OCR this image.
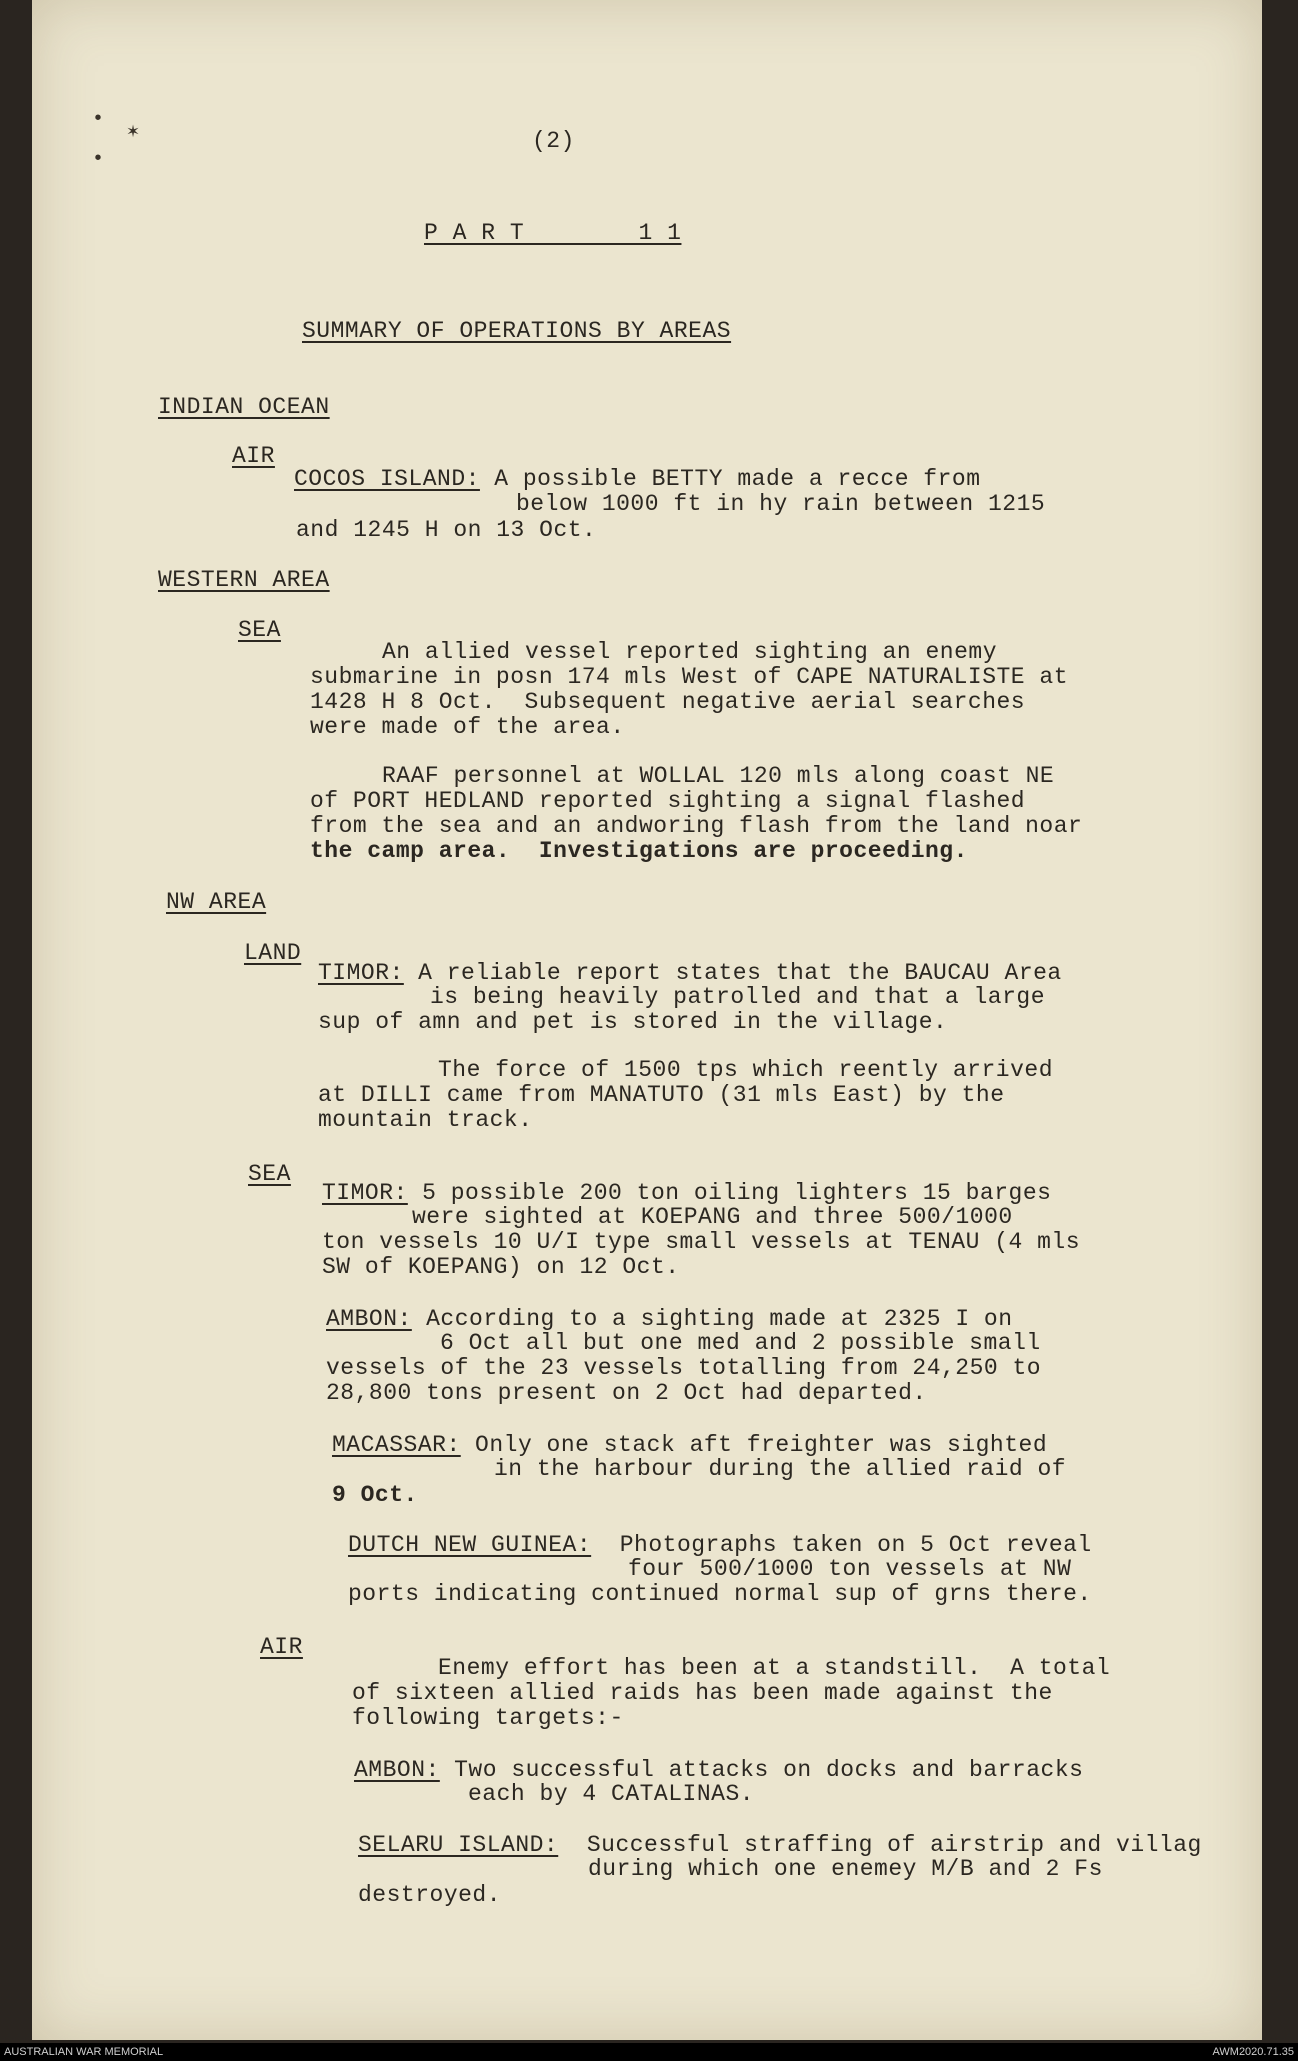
•
✶
•
(2)
P A R T        1 1
SUMMARY OF OPERATIONS BY AREAS
INDIAN OCEAN
AIR
COCOS ISLAND: A possible BETTY made a recce from
below 1000 ft in hy rain between 1215
and 1245 H on 13 Oct.
WESTERN AREA
SEA
An allied vessel reported sighting an enemy
submarine in posn 174 mls West of CAPE NATURALISTE at
1428 H 8 Oct.  Subsequent negative aerial searches
were made of the area.
RAAF personnel at WOLLAL 120 mls along coast NE
of PORT HEDLAND reported sighting a signal flashed
from the sea and an andworing flash from the land noar
the camp area.  Investigations are proceeding.
NW AREA
LAND
TIMOR: A reliable report states that the BAUCAU Area
is being heavily patrolled and that a large
sup of amn and pet is stored in the village.
The force of 1500 tps which reently arrived
at DILLI came from MANATUTO (31 mls East) by the
mountain track.
SEA
TIMOR: 5 possible 200 ton oiling lighters 15 barges
were sighted at KOEPANG and three 500/1000
ton vessels 10 U/I type small vessels at TENAU (4 mls
SW of KOEPANG) on 12 Oct.
AMBON: According to a sighting made at 2325 I on
6 Oct all but one med and 2 possible small
vessels of the 23 vessels totalling from 24,250 to
28,800 tons present on 2 Oct had departed.
MACASSAR: Only one stack aft freighter was sighted
in the harbour during the allied raid of
9 Oct.
DUTCH NEW GUINEA:  Photographs taken on 5 Oct reveal
four 500/1000 ton vessels at NW
ports indicating continued normal sup of grns there.
AIR
Enemy effort has been at a standstill.  A total
of sixteen allied raids has been made against the
following targets:-
AMBON: Two successful attacks on docks and barracks
each by 4 CATALINAS.
SELARU ISLAND:  Successful straffing of airstrip and villag
during which one enemey M/B and 2 Fs
destroyed.
AUSTRALIAN WAR MEMORIAL	AWM2020.71.35
